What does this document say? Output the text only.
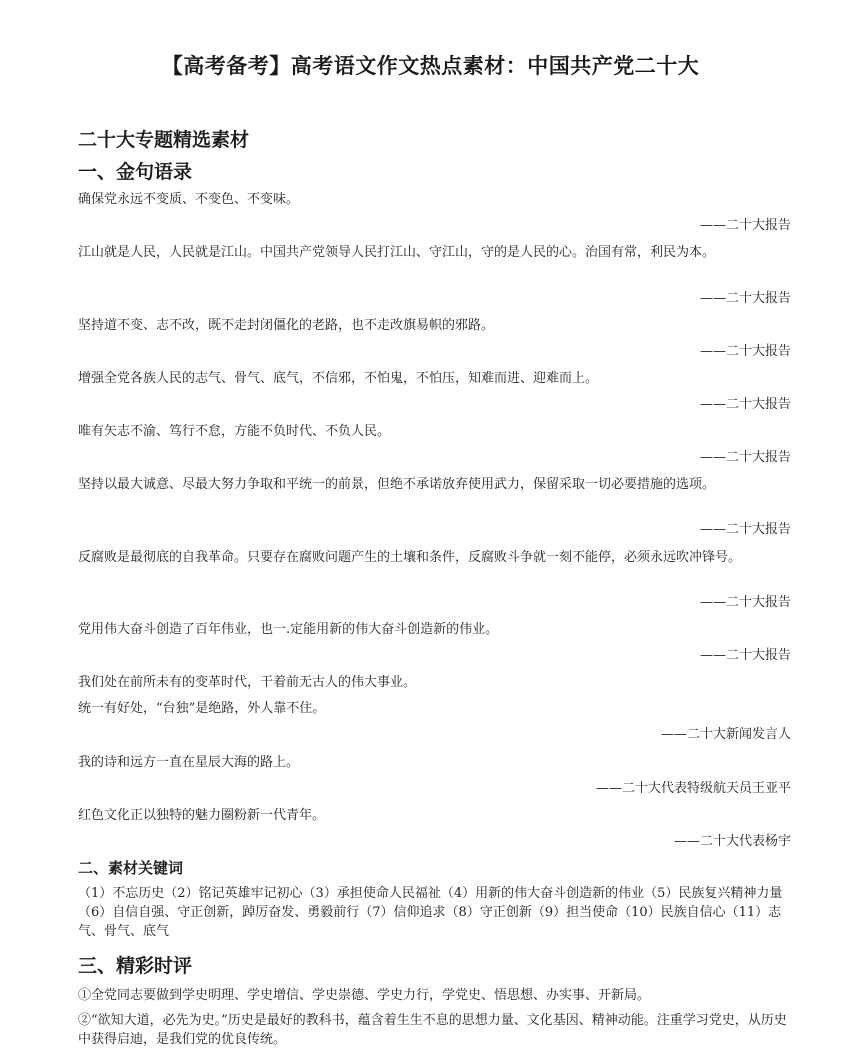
【高考备考】高考语文作文热点素材：中国共产党二十大
二十大专题精选素材
一、金句语录

确保党永远不变质、不变色、不变味。

——二十大报告

江山就是人民，人民就是江山。中国共产党领导人民打江山、守江山，守的是人民的心。治国有常，利民为本。

——二十大报告

坚持道不变、志不改，既不走封闭僵化的老路，也不走改旗易帜的邪路。

——二十大报告

增强全党各族人民的志气、骨气、底气，不信邪，不怕鬼，不怕压，知难而进、迎难而上。

——二十大报告

唯有矢志不渝、笃行不怠，方能不负时代、不负人民。

——二十大报告

坚持以最大诚意、尽最大努力争取和平统一的前景，但绝不承诺放弃使用武力，保留采取一切必要措施的选项。

——二十大报告

反腐败是最彻底的自我革命。只要存在腐败问题产生的土壤和条件，反腐败斗争就一刻不能停，必须永远吹冲锋号。

——二十大报告

党用伟大奋斗创造了百年伟业，也一.定能用新的伟大奋斗创造新的伟业。

——二十大报告

我们处在前所未有的变革时代，干着前无古人的伟大事业。

统一有好处，“台独”是绝路，外人靠不住。

——二十大新闻发言人

我的诗和远方一直在星辰大海的路上。

——二十大代表特级航天员王亚平

红色文化正以独特的魅力圈粉新一代青年。

——二十大代表杨宇

二、素材关键词

（1）不忘历史（2）铭记英雄牢记初心（3）承担使命人民福祉（4）用新的伟大奋斗创造新的伟业（5）民族复兴精神力量（6）自信自强、守正创新，踔厉奋发、勇毅前行（7）信仰追求（8）守正创新（9）担当使命（10）民族自信心（11）志气、骨气、底气

三、精彩时评

①全党同志要做到学史明理、学史增信、学史崇德、学史力行，学党史、悟思想、办实事、开新局。

②“欲知大道，必先为史。”历史是最好的教科书，蕴含着生生不息的思想力量、文化基因、精神动能。注重学习党史，从历史中获得启迪，是我们党的优良传统。
